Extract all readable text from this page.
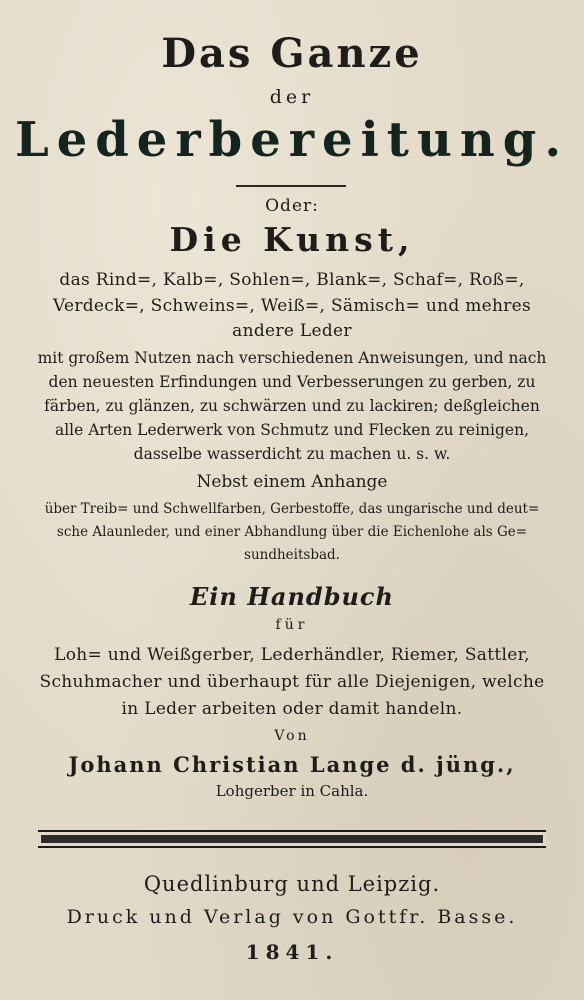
Das Ganze

der

Lederbereitung.

Oder:

Die Kunst,

das Rind=, Kalb=, Sohlen=, Blank=, Schaf=, Roß=,

Verdeck=, Schweins=, Weiß=, Sämisch= und mehres

andere Leder

mit großem Nutzen nach verschiedenen Anweisungen, und nach

den neuesten Erfindungen und Verbesserungen zu gerben, zu

färben, zu glänzen, zu schwärzen und zu lackiren; deßgleichen

alle Arten Lederwerk von Schmutz und Flecken zu reinigen,

dasselbe wasserdicht zu machen u. s. w.

Nebst einem Anhange

über Treib= und Schwellfarben, Gerbestoffe, das ungarische und deut=

sche Alaunleder, und einer Abhandlung über die Eichenlohe als Ge=

sundheitsbad.

Ein Handbuch

für

Loh= und Weißgerber, Lederhändler, Riemer, Sattler,

Schuhmacher und überhaupt für alle Diejenigen, welche

in Leder arbeiten oder damit handeln.

Von

Johann Christian Lange d. jüng.,

Lohgerber in Cahla.

Quedlinburg und Leipzig.

Druck und Verlag von Gottfr. Basse.

1841.
